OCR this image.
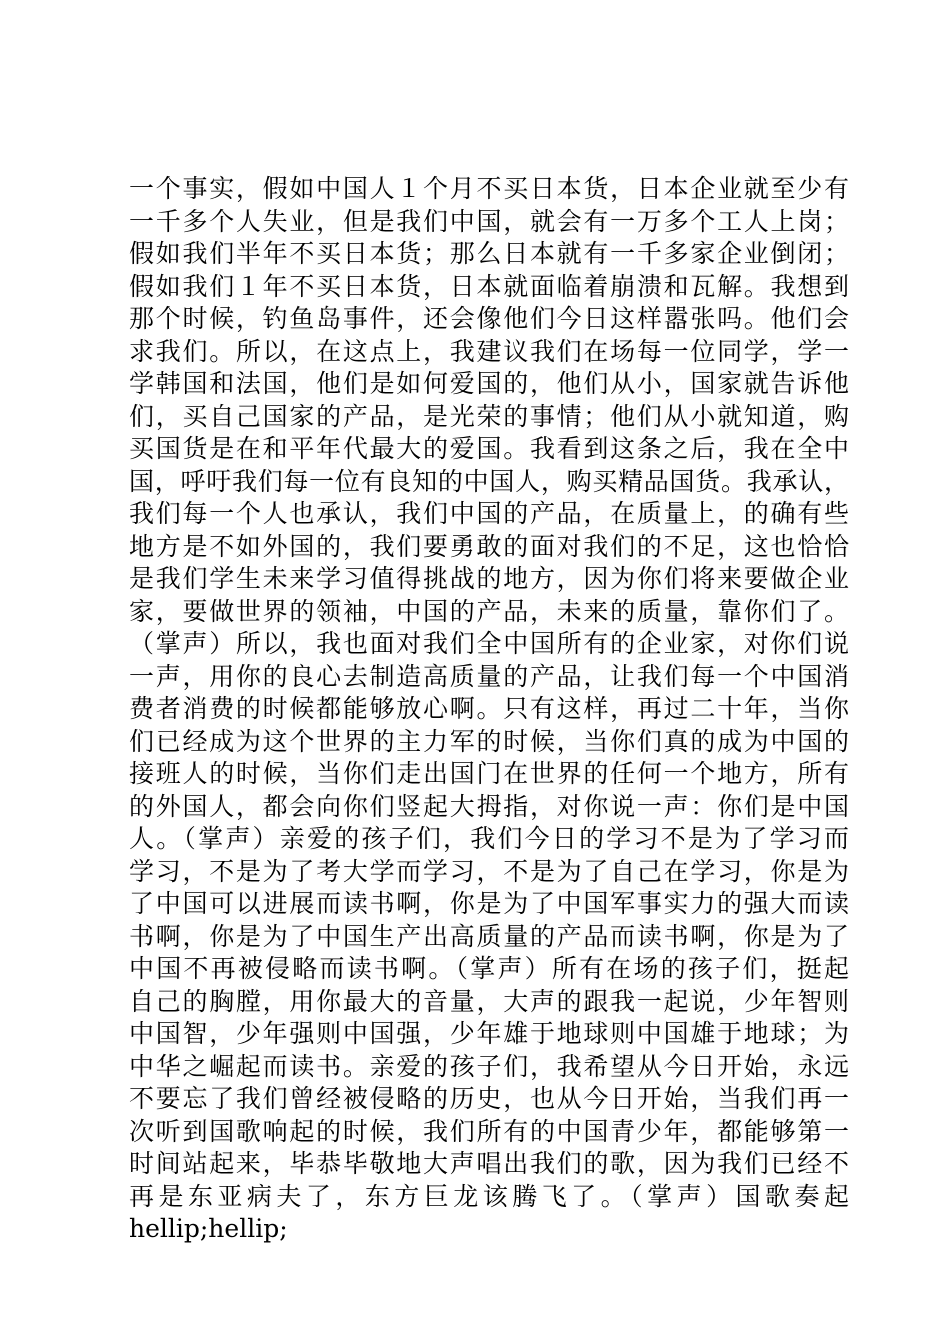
一个事实，假如中国人１个月不买日本货，日本企业就至少有
一千多个人失业，但是我们中国，就会有一万多个工人上岗；
假如我们半年不买日本货；那么日本就有一千多家企业倒闭；
假如我们１年不买日本货，日本就面临着崩溃和瓦解。我想到
那个时候，钓鱼岛事件，还会像他们今日这样嚣张吗。他们会
求我们。所以，在这点上，我建议我们在场每一位同学，学一
学韩国和法国，他们是如何爱国的，他们从小，国家就告诉他
们，买自己国家的产品，是光荣的事情；他们从小就知道，购
买国货是在和平年代最大的爱国。我看到这条之后，我在全中
国，呼吁我们每一位有良知的中国人，购买精品国货。我承认，
我们每一个人也承认，我们中国的产品，在质量上，的确有些
地方是不如外国的，我们要勇敢的面对我们的不足，这也恰恰
是我们学生未来学习值得挑战的地方，因为你们将来要做企业
家，要做世界的领袖，中国的产品，未来的质量，靠你们了。
（掌声）所以，我也面对我们全中国所有的企业家，对你们说
一声，用你的良心去制造高质量的产品，让我们每一个中国消
费者消费的时候都能够放心啊。只有这样，再过二十年，当你
们已经成为这个世界的主力军的时候，当你们真的成为中国的
接班人的时候，当你们走出国门在世界的任何一个地方，所有
的外国人，都会向你们竖起大拇指，对你说一声：你们是中国
人。（掌声）亲爱的孩子们，我们今日的学习不是为了学习而
学习，不是为了考大学而学习，不是为了自己在学习，你是为
了中国可以进展而读书啊，你是为了中国军事实力的强大而读
书啊，你是为了中国生产出高质量的产品而读书啊，你是为了
中国不再被侵略而读书啊。（掌声）所有在场的孩子们，挺起
自己的胸膛，用你最大的音量，大声的跟我一起说，少年智则
中国智，少年强则中国强，少年雄于地球则中国雄于地球；为
中华之崛起而读书。亲爱的孩子们，我希望从今日开始，永远
不要忘了我们曾经被侵略的历史，也从今日开始，当我们再一
次听到国歌响起的时候，我们所有的中国青少年，都能够第一
时间站起来，毕恭毕敬地大声唱出我们的歌，因为我们已经不
再是东亚病夫了，东方巨龙该腾飞了。（掌声）国歌奏起
hellip;hellip;
